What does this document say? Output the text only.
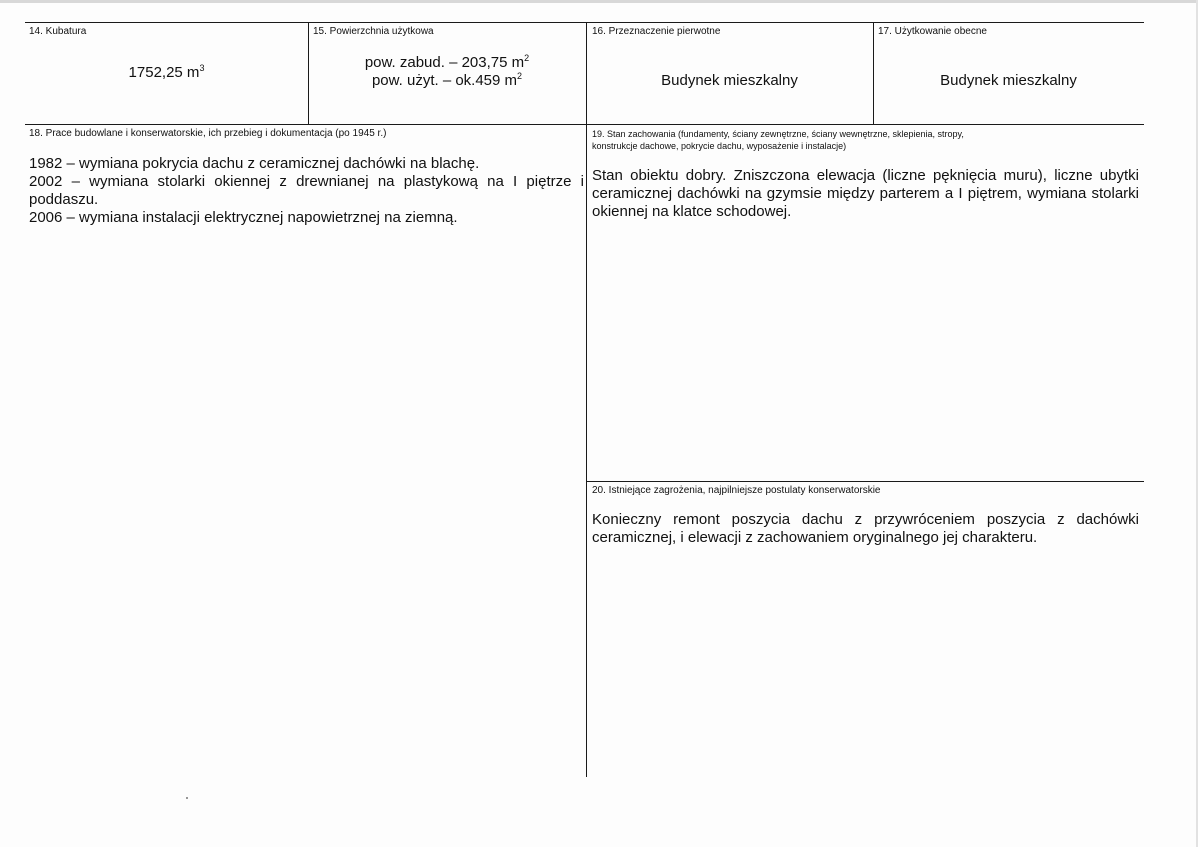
14. Kubatura
1752,25 $m^3$
15. Powierzchnia użytkowa
pow. zabud. – 203,75 $m^2$
pow. użyt. – ok.459 $m^2$
16. Przeznaczenie pierwotne
Budynek mieszkalny
17. Użytkowanie obecne
Budynek mieszkalny
18. Prace budowlane i konserwatorskie, ich przebieg i dokumentacja (po 1945 r.)
1982 – wymiana pokrycia dachu z ceramicznej dachówki na blachę.
2002 – wymiana stolarki okiennej z drewnianej na plastykową na I piętrze i poddaszu.
2006 – wymiana instalacji elektrycznej napowietrznej na ziemną.
19. Stan zachowania (fundamenty, ściany zewnętrzne, ściany wewnętrzne, sklepienia, stropy,
konstrukcje dachowe, pokrycie dachu, wyposażenie i instalacje)
Stan obiektu dobry. Zniszczona elewacja (liczne pęknięcia muru), liczne ubytki ceramicznej dachówki na gzymsie między parterem a I piętrem, wymiana stolarki okiennej na klatce schodowej.
20. Istniejące zagrożenia, najpilniejsze postulaty konserwatorskie
Konieczny remont poszycia dachu z przywróceniem poszycia z dachówki ceramicznej, i elewacji z zachowaniem oryginalnego jej charakteru.
